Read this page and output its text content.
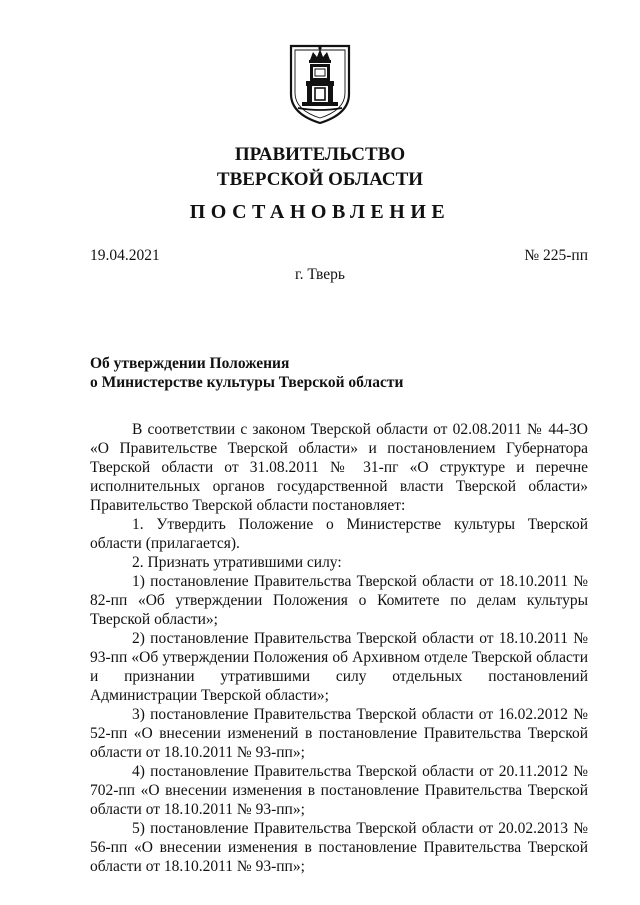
ПРАВИТЕЛЬСТВО
ТВЕРСКОЙ ОБЛАСТИ
ПОСТАНОВЛЕНИЕ
19.04.2021	№ 225-пп
г. Тверь
Об утверждении Положения
о Министерстве культуры Тверской области

В соответствии с законом Тверской области от 02.08.2011 № 44-ЗО «О Правительстве Тверской области» и постановлением Губернатора Тверской области от 31.08.2011 № 31-пг «О структуре и перечне исполнительных органов государственной власти Тверской области» Правительство Тверской области постановляет:

1. Утвердить Положение о Министерстве культуры Тверской области (прилагается).

2. Признать утратившими силу:

1) постановление Правительства Тверской области от 18.10.2011 № 82-пп «Об утверждении Положения о Комитете по делам культуры Тверской области»;

2) постановление Правительства Тверской области от 18.10.2011 № 93-пп «Об утверждении Положения об Архивном отделе Тверской области и признании утратившими силу отдельных постановлений Администрации Тверской области»;

3) постановление Правительства Тверской области от 16.02.2012 № 52-пп «О внесении изменений в постановление Правительства Тверской области от 18.10.2011 № 93-пп»;

4) постановление Правительства Тверской области от 20.11.2012 № 702-пп «О внесении изменения в постановление Правительства Тверской области от 18.10.2011 № 93-пп»;

5) постановление Правительства Тверской области от 20.02.2013 № 56-пп «О внесении изменения в постановление Правительства Тверской области от 18.10.2011 № 93-пп»;
